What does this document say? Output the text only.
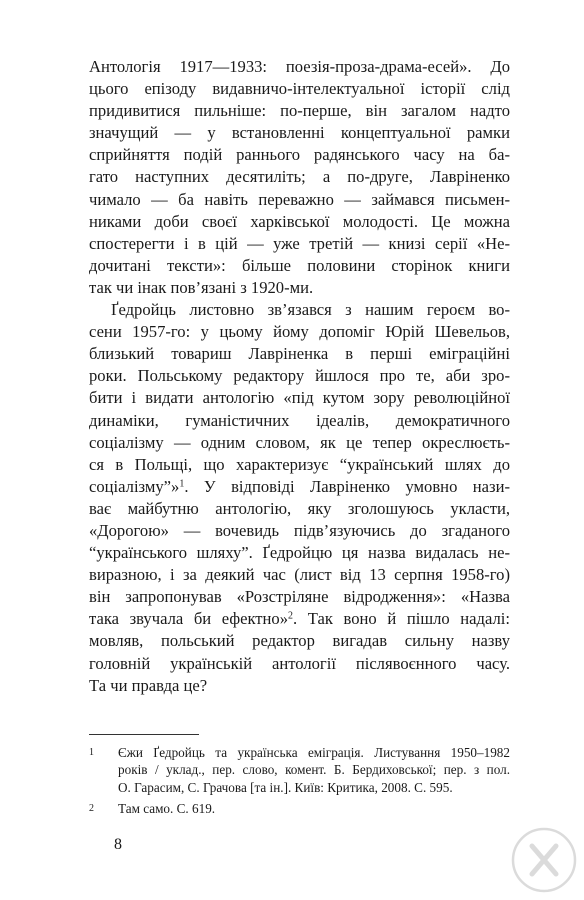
Антологія 1917—1933: поезія-проза-драма-есей». До
цього епізоду видавничо-інтелектуальної історії слід
придивитися пильніше: по-перше, він загалом надто
значущий — у встановленні концептуальної рамки
сприйняття подій раннього радянського часу на ба-
гато наступних десятиліть; а по-друге, Лавріненко
чимало — ба навіть переважно — займався письмен-
никами доби своєї харківської молодості. Це можна
спостерегти і в цій — уже третій — книзі серії «Не-
дочитані тексти»: більше половини сторінок книги
так чи інак пов’язані з 1920-ми.
Ґедройць листовно зв’язався з нашим героєм во-
сени 1957-го: у цьому йому допоміг Юрій Шевельов,
близький товариш Лавріненка в перші еміграційні
роки. Польському редактору йшлося про те, аби зро-
бити і видати антологію «під кутом зору революційної
динаміки, гуманістичних ідеалів, демократичного
соціалізму — одним словом, як це тепер окреслюєть-
ся в Польщі, що характеризує “український шлях до
соціалізму”»$^1$. У відповіді Лавріненко умовно нази-
ває майбутню антологію, яку зголошуюсь укласти,
«Дорогою» — вочевидь підв’язуючись до згаданого
“українського шляху”. Ґедройцю ця назва видалась не-
виразною, і за деякий час (лист від 13 серпня 1958-го)
він запропонував «Розстріляне відродження»: «Назва
така звучала би ефектно»$^2$. Так воно й пішло надалі:
мовляв, польський редактор вигадав сильну назву
головній українській антології післявоєнного часу.
Та чи правда це?
1 Єжи Ґедройць та українська еміграція. Листування 1950–1982
років / уклад., пер. слово, комент. Б. Бердиховської; пер. з пол.
О. Гарасим, С. Грачова [та ін.]. Київ: Критика, 2008. С. 595.
2 Там само. С. 619.
8
